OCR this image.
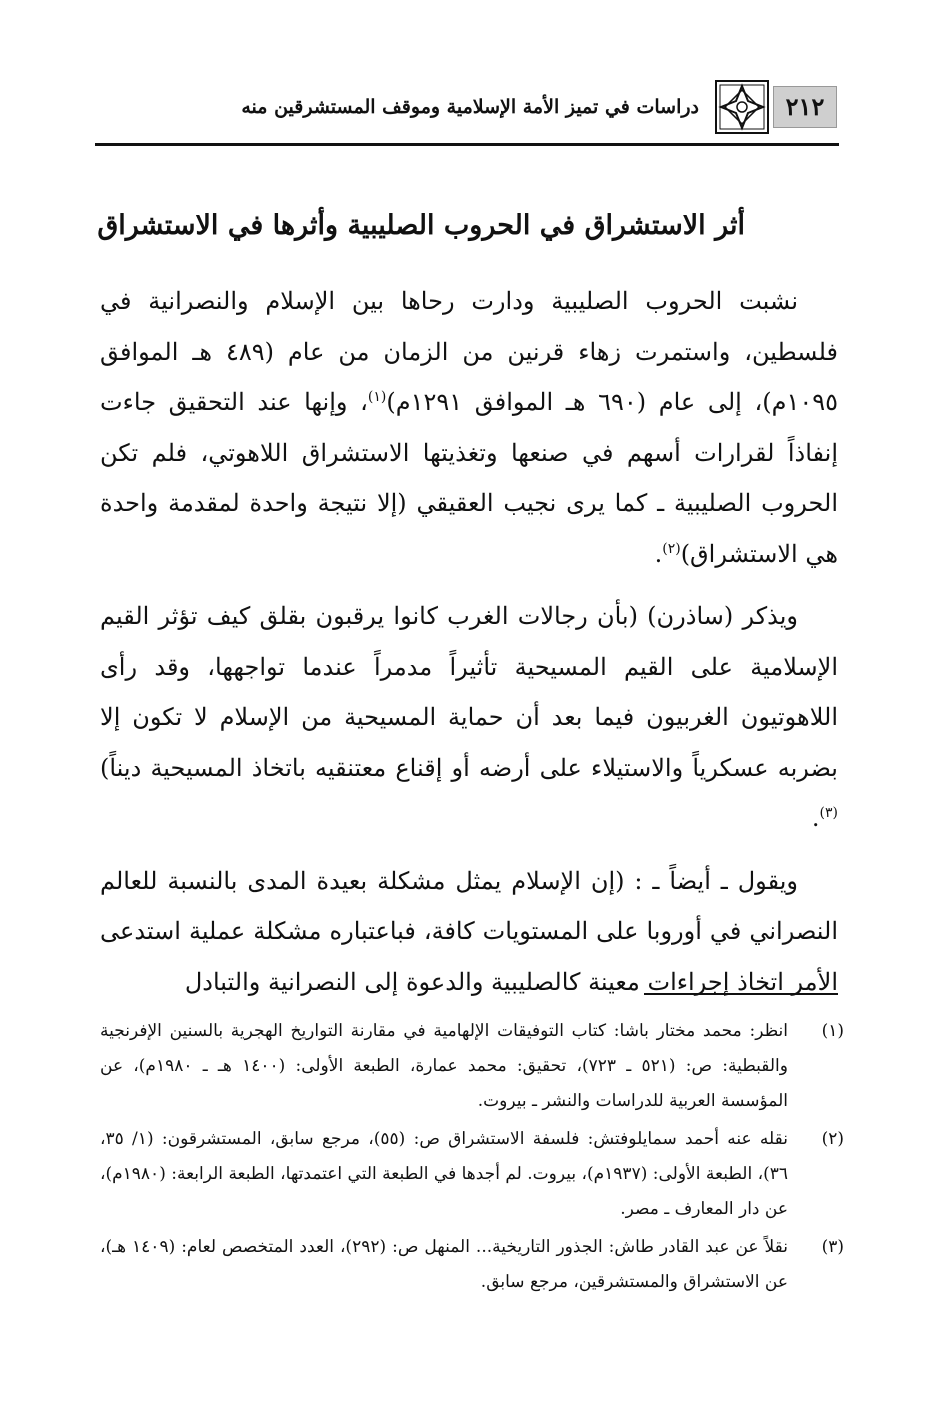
٢١٢
دراسات في تميز الأمة الإسلامية وموقف المستشرقين منه
أثر الاستشراق في الحروب الصليبية وأثرها في الاستشراق

نشبت الحروب الصليبية ودارت رحاها بين الإسلام والنصرانية في فلسطين، واستمرت زهاء قرنين من الزمان من عام (٤٨٩ هـ الموافق ١٠٩٥م)، إلى عام (٦٩٠ هـ الموافق ١٢٩١م)$^{(١)}$، وإنها عند التحقيق جاءت إنفاذاً لقرارات أسهم في صنعها وتغذيتها الاستشراق اللاهوتي، فلم تكن الحروب الصليبية ـ كما يرى نجيب العقيقي (إلا نتيجة واحدة لمقدمة واحدة هي الاستشراق)$^{(٢)}$.

ويذكر (ساذرن) (بأن رجالات الغرب كانوا يرقبون بقلق كيف تؤثر القيم الإسلامية على القيم المسيحية تأثيراً مدمراً عندما تواجهها، وقد رأى اللاهوتيون الغربيون فيما بعد أن حماية المسيحية من الإسلام لا تكون إلا بضربه عسكرياً والاستيلاء على أرضه أو إقناع معتنقيه باتخاذ المسيحية ديناً)$^{(٣)}$.

ويقول ـ أيضاً ـ : (إن الإسلام يمثل مشكلة بعيدة المدى بالنسبة للعالم النصراني في أوروبا على المستويات كافة، فباعتباره مشكلة عملية استدعى الأمر اتخاذ إجراءات معينة كالصليبية والدعوة إلى النصرانية والتبادل

(١)
انظر: محمد مختار باشا: كتاب التوفيقات الإلهامية في مقارنة التواريخ الهجرية بالسنين الإفرنجية والقبطية: ص: (٥٢١ ـ ٧٢٣)، تحقيق: محمد عمارة، الطبعة الأولى: (١٤٠٠ هـ ـ ١٩٨٠م)، عن المؤسسة العربية للدراسات والنشر ـ بيروت.
(٢)
نقله عنه أحمد سمايلوفتش: فلسفة الاستشراق ص: (٥٥)، مرجع سابق، المستشرقون: (١/ ٣٥، ٣٦)، الطبعة الأولى: (١٩٣٧م)، بيروت. لم أجدها في الطبعة التي اعتمدتها، الطبعة الرابعة: (١٩٨٠م)، عن دار المعارف ـ مصر.
(٣)
نقلاً عن عبد القادر طاش: الجذور التاريخية... المنهل ص: (٢٩٢)، العدد المتخصص لعام: (١٤٠٩ هـ)، عن الاستشراق والمستشرقين، مرجع سابق.
